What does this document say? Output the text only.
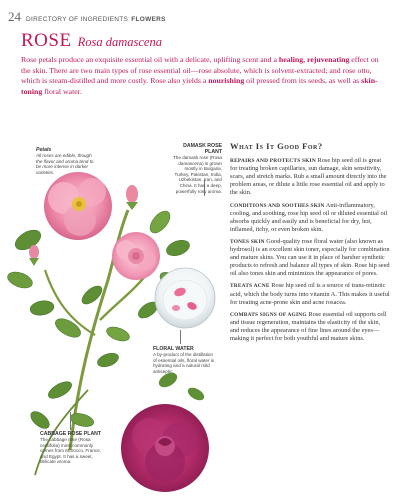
24 DIRECTORY OF INGREDIENTS FLOWERS
ROSE Rosa damascena

Rose petals produce an exquisite essential oil with a delicate, uplifting scent and a healing, rejuvenating effect on the skin. There are two main types of rose essential oil—rose absolute, which is solvent-extracted; and rose otto, which is steam-distilled and more costly. Rose also yields a nourishing oil pressed from its seeds, as well as skin-toning floral water.

Petals
All roses are edible, though the flavor and aroma tend to be more intense in darker varieties.
DAMASK ROSE PLANT
The damask rose (Rosa damascena) is grown mostly in Bulgaria, Turkey, Pakistan, India, Uzbekistan, Iran, and China. It has a deep, powerfully rosy aroma.
FLORAL WATER
A by-product of the distillation of essential oils, floral water is hydrating and a natural mild antiseptic.
CABBAGE ROSE PLANT
The cabbage rose (Rosa centifolia) most commonly comes from Morocco, France, and Egypt. It has a sweet, delicate aroma.
What Is It Good For?

REPAIRS AND PROTECTS SKIN Rose hip seed oil is great for treating broken capillaries, sun damage, skin sensitivity, scars, and stretch marks. Rub a small amount directly into the problem areas, or dilute a little rose essential oil and apply to the skin.

CONDITIONS AND SOOTHES SKIN Anti-inflammatory, cooling, and soothing, rose hip seed oil or diluted essential oil absorbs quickly and easily and is beneficial for dry, hot, inflamed, itchy, or even broken skin.

TONES SKIN Good-quality rose floral water (also known as hydrosol) is an excellent skin toner, especially for combination and mature skins. You can use it in place of harsher synthetic products to refresh and balance all types of skin. Rose hip seed oil also tones skin and minimizes the appearance of pores.

TREATS ACNE Rose hip seed oil is a source of trans-retinoic acid, which the body turns into vitamin A. This makes it useful for treating acne-prone skin and acne rosacea.

COMBATS SIGNS OF AGING Rose essential oil supports cell and tissue regeneration, maintains the elasticity of the skin, and reduces the appearance of fine lines around the eyes—making it perfect for both youthful and mature skins.
